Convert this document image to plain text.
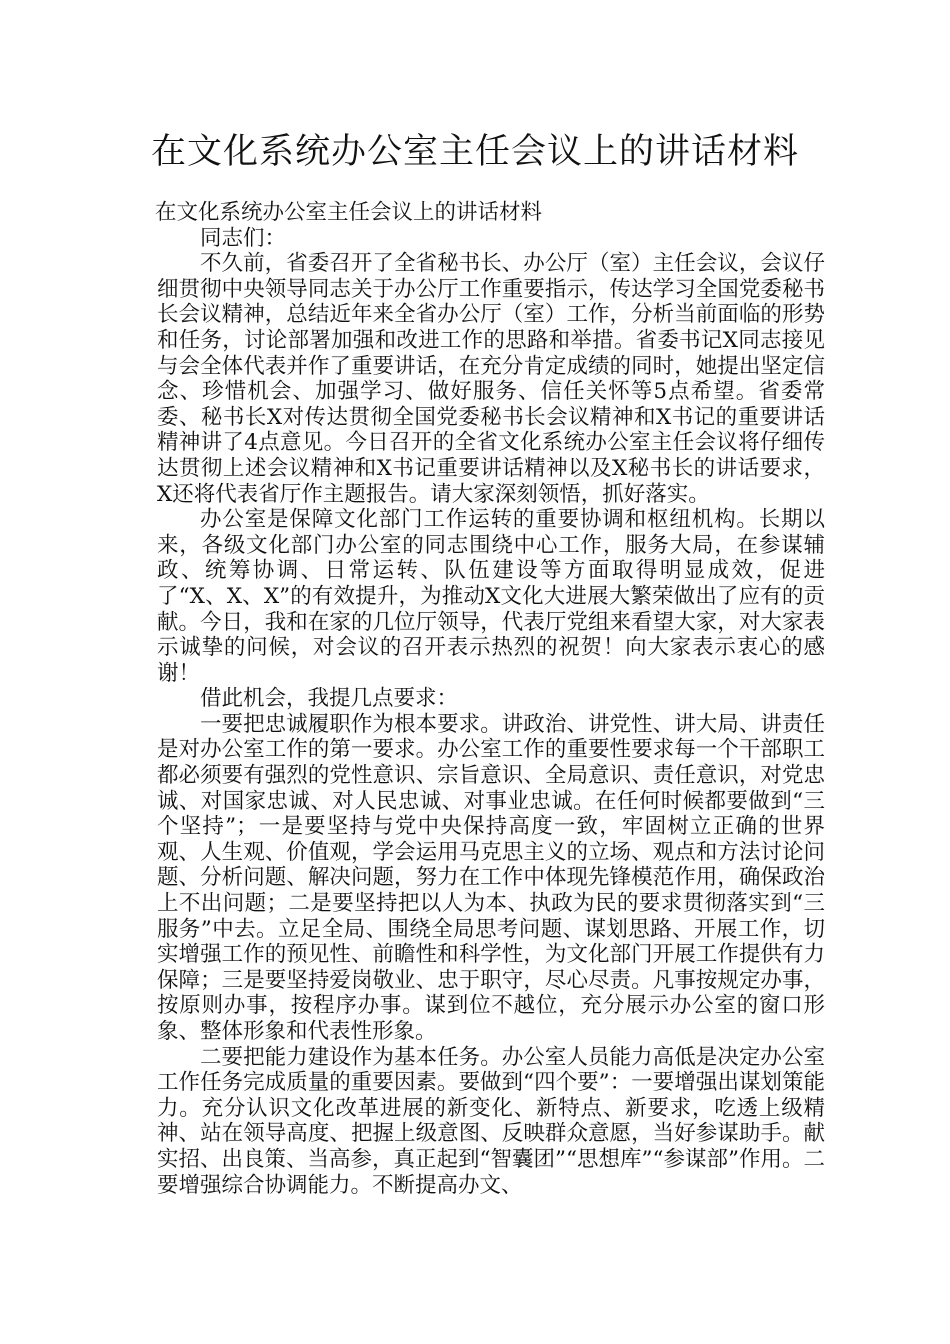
在文化系统办公室主任会议上的讲话材料

在文化系统办公室主任会议上的讲话材料

同志们：

不久前，省委召开了全省秘书长、办公厅（室）主任会议，会议仔细贯彻中央领导同志关于办公厅工作重要指示，传达学习全国党委秘书长会议精神，总结近年来全省办公厅（室）工作，分析当前面临的形势和任务，讨论部署加强和改进工作的思路和举措。省委书记X同志接见与会全体代表并作了重要讲话，在充分肯定成绩的同时，她提出坚定信念、珍惜机会、加强学习、做好服务、信任关怀等5点希望。省委常委、秘书长X对传达贯彻全国党委秘书长会议精神和X书记的重要讲话精神讲了4点意见。今日召开的全省文化系统办公室主任会议将仔细传达贯彻上述会议精神和X书记重要讲话精神以及X秘书长的讲话要求，X还将代表省厅作主题报告。请大家深刻领悟，抓好落实。

办公室是保障文化部门工作运转的重要协调和枢纽机构。长期以来，各级文化部门办公室的同志围绕中心工作，服务大局，在参谋辅政、统筹协调、日常运转、队伍建设等方面取得明显成效，促进了“X、X、X”的有效提升，为推动X文化大进展大繁荣做出了应有的贡献。今日，我和在家的几位厅领导，代表厅党组来看望大家，对大家表示诚挚的问候，对会议的召开表示热烈的祝贺！向大家表示衷心的感谢！

借此机会，我提几点要求：

一要把忠诚履职作为根本要求。讲政治、讲党性、讲大局、讲责任是对办公室工作的第一要求。办公室工作的重要性要求每一个干部职工都必须要有强烈的党性意识、宗旨意识、全局意识、责任意识，对党忠诚、对国家忠诚、对人民忠诚、对事业忠诚。在任何时候都要做到“三个坚持”；一是要坚持与党中央保持高度一致，牢固树立正确的世界观、人生观、价值观，学会运用马克思主义的立场、观点和方法讨论问题、分析问题、解决问题，努力在工作中体现先锋模范作用，确保政治上不出问题；二是要坚持把以人为本、执政为民的要求贯彻落实到“三服务”中去。立足全局、围绕全局思考问题、谋划思路、开展工作，切实增强工作的预见性、前瞻性和科学性，为文化部门开展工作提供有力保障；三是要坚持爱岗敬业、忠于职守，尽心尽责。凡事按规定办事，按原则办事，按程序办事。谋到位不越位，充分展示办公室的窗口形象、整体形象和代表性形象。

二要把能力建设作为基本任务。办公室人员能力高低是决定办公室工作任务完成质量的重要因素。要做到“四个要”：一要增强出谋划策能力。充分认识文化改革进展的新变化、新特点、新要求，吃透上级精神、站在领导高度、把握上级意图、反映群众意愿，当好参谋助手。献实招、出良策、当高参，真正起到“智囊团”“思想库”“参谋部”作用。二要增强综合协调能力。不断提高办文、
